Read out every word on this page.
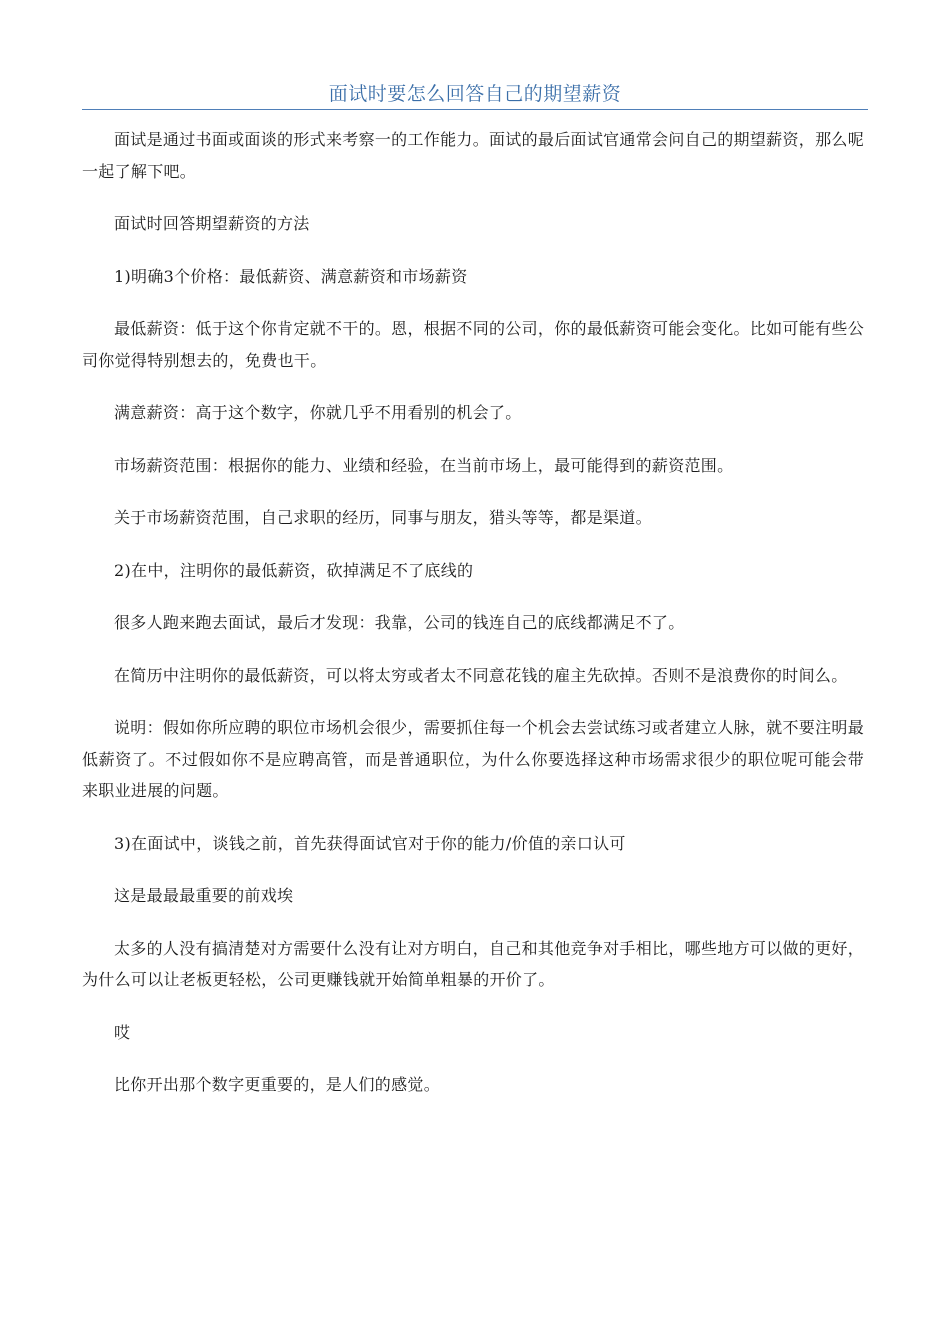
面试时要怎么回答自己的期望薪资

面试是通过书面或面谈的形式来考察一的工作能力。面试的最后面试官通常会问自己的期望薪资，那么呢一起了解下吧。

面试时回答期望薪资的方法

1)明确3个价格：最低薪资、满意薪资和市场薪资

最低薪资：低于这个你肯定就不干的。恩，根据不同的公司，你的最低薪资可能会变化。比如可能有些公司你觉得特别想去的，免费也干。

满意薪资：高于这个数字，你就几乎不用看别的机会了。

市场薪资范围：根据你的能力、业绩和经验，在当前市场上，最可能得到的薪资范围。

关于市场薪资范围，自己求职的经历，同事与朋友，猎头等等，都是渠道。

2)在中，注明你的最低薪资，砍掉满足不了底线的

很多人跑来跑去面试，最后才发现：我靠，公司的钱连自己的底线都满足不了。

在简历中注明你的最低薪资，可以将太穷或者太不同意花钱的雇主先砍掉。否则不是浪费你的时间么。

说明：假如你所应聘的职位市场机会很少，需要抓住每一个机会去尝试练习或者建立人脉，就不要注明最低薪资了。不过假如你不是应聘高管，而是普通职位，为什么你要选择这种市场需求很少的职位呢可能会带来职业进展的问题。

3)在面试中，谈钱之前，首先获得面试官对于你的能力/价值的亲口认可

这是最最最重要的前戏埃

太多的人没有搞清楚对方需要什么没有让对方明白，自己和其他竞争对手相比，哪些地方可以做的更好，为什么可以让老板更轻松，公司更赚钱就开始简单粗暴的开价了。

哎

比你开出那个数字更重要的，是人们的感觉。
